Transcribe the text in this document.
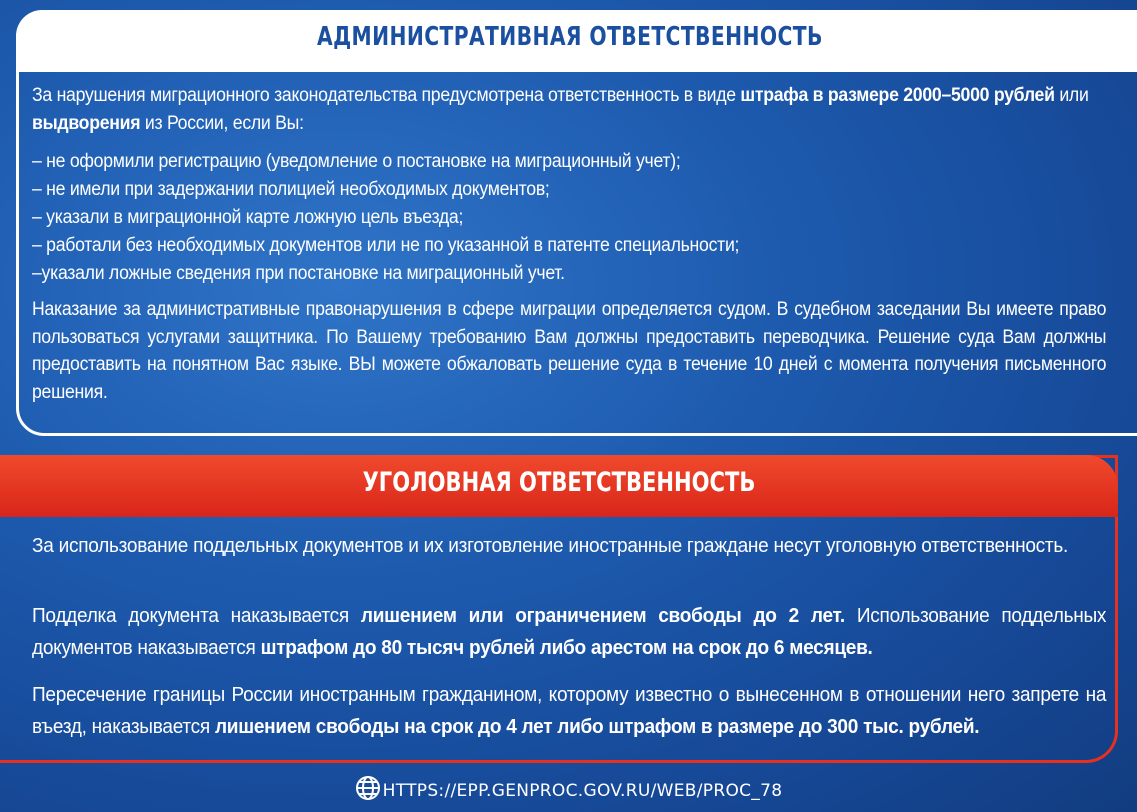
АДМИНИСТРАТИВНАЯ ОТВЕТСТВЕННОСТЬ
За нарушения миграционного законодательства предусмотрена ответственность в виде штрафа в размере 2000–5000 рублей или выдворения из России, если Вы:
– не оформили регистрацию (уведомление о постановке на миграционный учет);
– не имели при задержании полицией необходимых документов;
– указали в миграционной карте ложную цель въезда;
– работали без необходимых документов или не по указанной в патенте специальности;
–указали ложные сведения при постановке на миграционный учет.
Наказание за административные правонарушения в сфере миграции определяется судом. В судебном заседании Вы имеете право пользоваться услугами защитника. По Вашему требованию Вам должны предоставить переводчика. Решение суда Вам должны предоставить на понятном Вас языке. ВЫ можете обжаловать решение суда в течение 10 дней с момента получения письменного решения.
УГОЛОВНАЯ ОТВЕТСТВЕННОСТЬ
За использование поддельных документов и их изготовление иностранные граждане несут уголовную ответственность.
Подделка документа наказывается лишением или ограничением свободы до 2 лет. Использование поддельных документов наказывается штрафом до 80 тысяч рублей либо арестом на срок до 6 месяцев.
Пересечение границы России иностранным гражданином, которому известно о вынесенном в отношении него запрете на въезд, наказывается лишением свободы на срок до 4 лет либо штрафом в размере до 300 тыс. рублей.
HTTPS://EPP.GENPROC.GOV.RU/WEB/PROC_78
